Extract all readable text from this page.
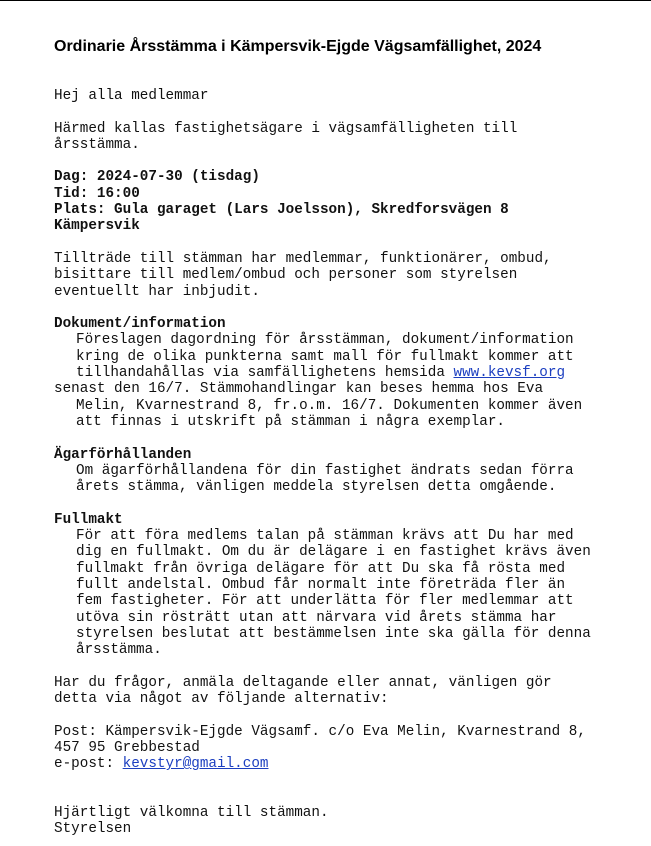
Ordinarie Årsstämma i Kämpersvik-Ejgde Vägsamfällighet, 2024
Hej alla medlemmar
Härmed kallas fastighetsägare i vägsamfälligheten till
årsstämma.
Dag: 2024-07-30 (tisdag)
Tid: 16:00
Plats: Gula garaget (Lars Joelsson), Skredforsvägen 8
Kämpersvik
Tillträde till stämman har medlemmar, funktionärer, ombud,
bisittare till medlem/ombud och personer som styrelsen
eventuellt har inbjudit.
Dokument/information
Föreslagen dagordning för årsstämman, dokument/information
kring de olika punkterna samt mall för fullmakt kommer att
tillhandahållas via samfällighetens hemsida www.kevsf.org
senast den 16/7. Stämmohandlingar kan beses hemma hos Eva
Melin, Kvarnestrand 8, fr.o.m. 16/7. Dokumenten kommer även
att finnas i utskrift på stämman i några exemplar.
Ägarförhållanden
Om ägarförhållandena för din fastighet ändrats sedan förra
årets stämma, vänligen meddela styrelsen detta omgående.
Fullmakt
För att föra medlems talan på stämman krävs att Du har med
dig en fullmakt. Om du är delägare i en fastighet krävs även
fullmakt från övriga delägare för att Du ska få rösta med
fullt andelstal. Ombud får normalt inte företräda fler än
fem fastigheter. För att underlätta för fler medlemmar att
utöva sin rösträtt utan att närvara vid årets stämma har
styrelsen beslutat att bestämmelsen inte ska gälla för denna
årsstämma.
Har du frågor, anmäla deltagande eller annat, vänligen gör
detta via något av följande alternativ:
Post: Kämpersvik-Ejgde Vägsamf. c/o Eva Melin, Kvarnestrand 8,
457 95 Grebbestad
e-post: kevstyr@gmail.com
Hjärtligt välkomna till stämman.
Styrelsen
